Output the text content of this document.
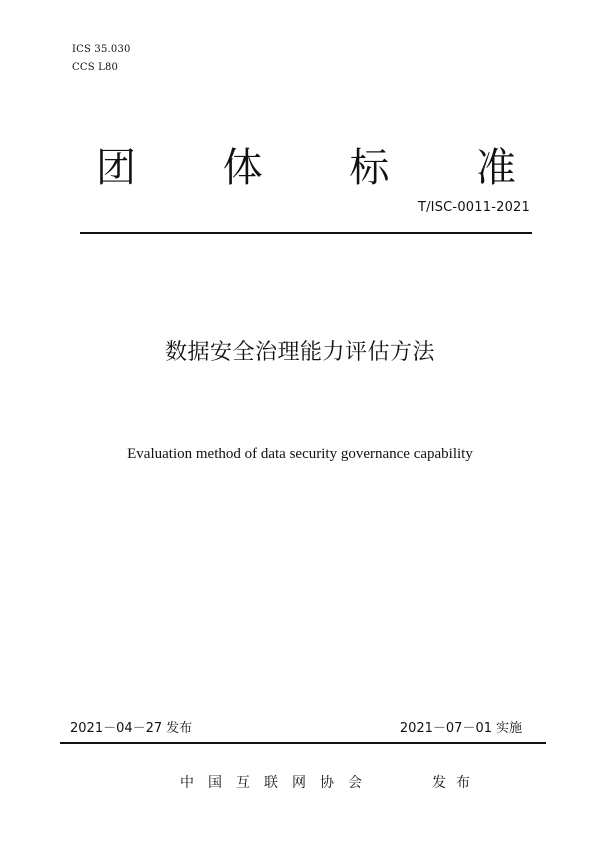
ICS 35.030
CCS L80
团 体 标 准
T/ISC-0011-2021
数据安全治理能力评估方法
Evaluation method of data security governance capability
2021－04－27 发布	2021－07－01 实施
中国互联网协会	发布
